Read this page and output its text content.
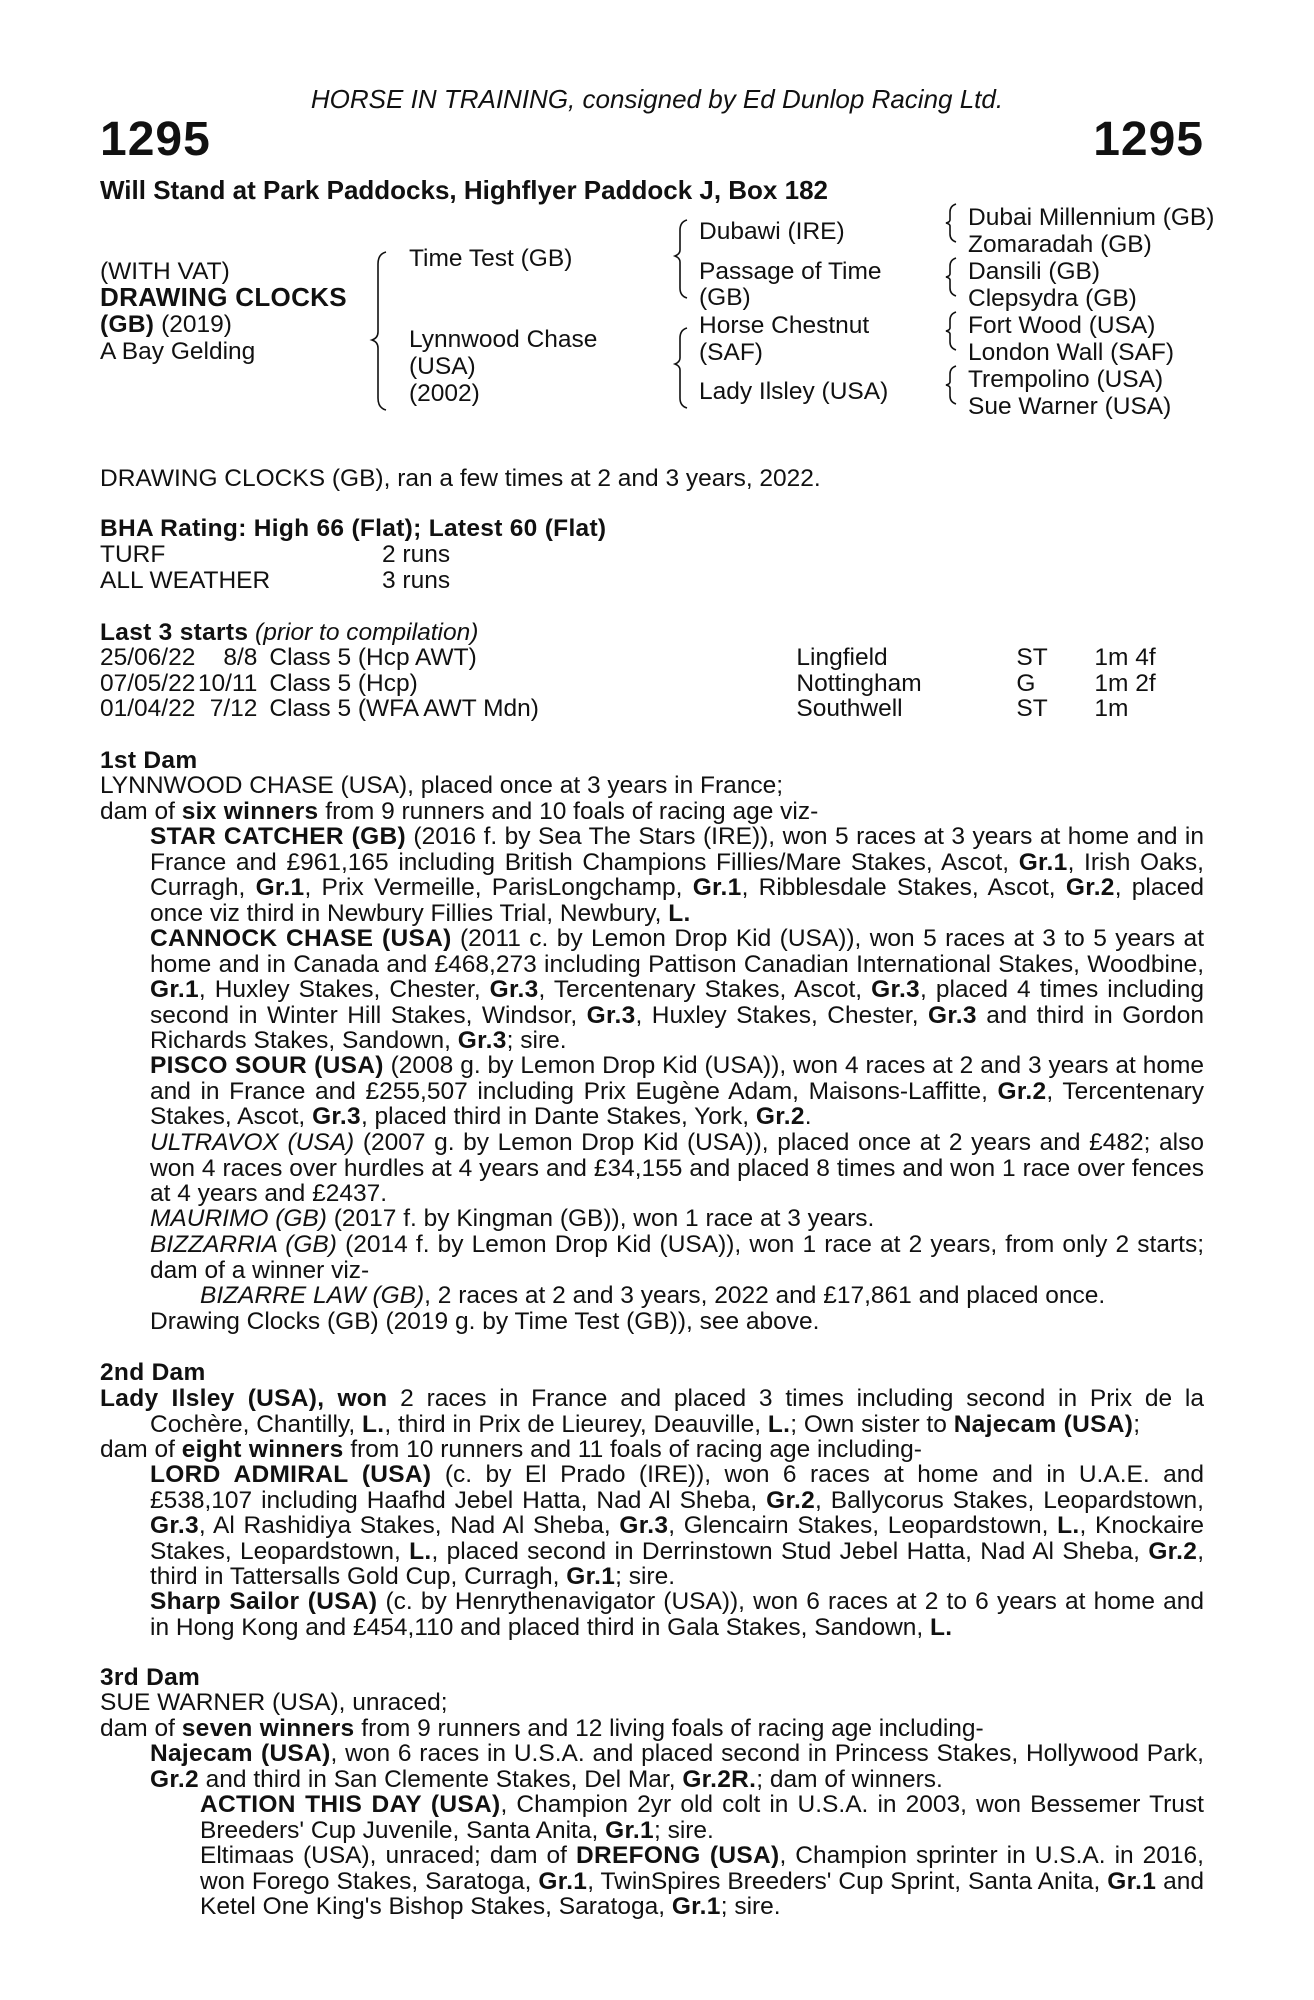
HORSE IN TRAINING, consigned by Ed Dunlop Racing Ltd.
1295	1295
Will Stand at Park Paddocks, Highflyer Paddock J, Box 182
(WITH VAT)
DRAWING CLOCKS
(GB) (2019)
A Bay Gelding
Time Test (GB)
Lynnwood Chase
(USA)
(2002)
Dubawi (IRE)
Passage of Time
(GB)
Horse Chestnut
(SAF)
Lady Ilsley (USA)
Dubai Millennium (GB)
Zomaradah (GB)
Dansili (GB)
Clepsydra (GB)
Fort Wood (USA)
London Wall (SAF)
Trempolino (USA)
Sue Warner (USA)
DRAWING CLOCKS (GB), ran a few times at 2 and 3 years, 2022.
BHA Rating: High 66 (Flat); Latest 60 (Flat)
TURF	2 runs
ALL WEATHER	3 runs
Last 3 starts (prior to compilation)
25/06/22	8/8	Class 5 (Hcp AWT)	Lingfield	ST	1m 4f
07/05/22	10/11	Class 5 (Hcp)	Nottingham	G	1m 2f
01/04/22	7/12	Class 5 (WFA AWT Mdn)	Southwell	ST	1m
1st Dam
LYNNWOOD CHASE (USA), placed once at 3 years in France;
dam of six winners from 9 runners and 10 foals of racing age viz-
STAR CATCHER (GB) (2016 f. by Sea The Stars (IRE)), won 5 races at 3 years at home and in France and £961,165 including British Champions Fillies/Mare Stakes, Ascot, Gr.1, Irish Oaks, Curragh, Gr.1, Prix Vermeille, ParisLongchamp, Gr.1, Ribblesdale Stakes, Ascot, Gr.2, placed once viz third in Newbury Fillies Trial, Newbury, L.
CANNOCK CHASE (USA) (2011 c. by Lemon Drop Kid (USA)), won 5 races at 3 to 5 years at home and in Canada and £468,273 including Pattison Canadian International Stakes, Woodbine, Gr.1, Huxley Stakes, Chester, Gr.3, Tercentenary Stakes, Ascot, Gr.3, placed 4 times including second in Winter Hill Stakes, Windsor, Gr.3, Huxley Stakes, Chester, Gr.3 and third in Gordon Richards Stakes, Sandown, Gr.3; sire.
PISCO SOUR (USA) (2008 g. by Lemon Drop Kid (USA)), won 4 races at 2 and 3 years at home and in France and £255,507 including Prix Eugène Adam, Maisons-Laffitte, Gr.2, Tercentenary Stakes, Ascot, Gr.3, placed third in Dante Stakes, York, Gr.2.
ULTRAVOX (USA) (2007 g. by Lemon Drop Kid (USA)), placed once at 2 years and £482; also won 4 races over hurdles at 4 years and £34,155 and placed 8 times and won 1 race over fences at 4 years and £2437.
MAURIMO (GB) (2017 f. by Kingman (GB)), won 1 race at 3 years.
BIZZARRIA (GB) (2014 f. by Lemon Drop Kid (USA)), won 1 race at 2 years, from only 2 starts; dam of a winner viz-
BIZARRE LAW (GB), 2 races at 2 and 3 years, 2022 and £17,861 and placed once.
Drawing Clocks (GB) (2019 g. by Time Test (GB)), see above.
2nd Dam
Lady Ilsley (USA), won 2 races in France and placed 3 times including second in Prix de la Cochère, Chantilly, L., third in Prix de Lieurey, Deauville, L.; Own sister to Najecam (USA);
dam of eight winners from 10 runners and 11 foals of racing age including-
LORD ADMIRAL (USA) (c. by El Prado (IRE)), won 6 races at home and in U.A.E. and £538,107 including Haafhd Jebel Hatta, Nad Al Sheba, Gr.2, Ballycorus Stakes, Leopardstown, Gr.3, Al Rashidiya Stakes, Nad Al Sheba, Gr.3, Glencairn Stakes, Leopardstown, L., Knockaire Stakes, Leopardstown, L., placed second in Derrinstown Stud Jebel Hatta, Nad Al Sheba, Gr.2, third in Tattersalls Gold Cup, Curragh, Gr.1; sire.
Sharp Sailor (USA) (c. by Henrythenavigator (USA)), won 6 races at 2 to 6 years at home and in Hong Kong and £454,110 and placed third in Gala Stakes, Sandown, L.
3rd Dam
SUE WARNER (USA), unraced;
dam of seven winners from 9 runners and 12 living foals of racing age including-
Najecam (USA), won 6 races in U.S.A. and placed second in Princess Stakes, Hollywood Park, Gr.2 and third in San Clemente Stakes, Del Mar, Gr.2R.; dam of winners.
ACTION THIS DAY (USA), Champion 2yr old colt in U.S.A. in 2003, won Bessemer Trust Breeders' Cup Juvenile, Santa Anita, Gr.1; sire.
Eltimaas (USA), unraced; dam of DREFONG (USA), Champion sprinter in U.S.A. in 2016, won Forego Stakes, Saratoga, Gr.1, TwinSpires Breeders' Cup Sprint, Santa Anita, Gr.1 and Ketel One King's Bishop Stakes, Saratoga, Gr.1; sire.
